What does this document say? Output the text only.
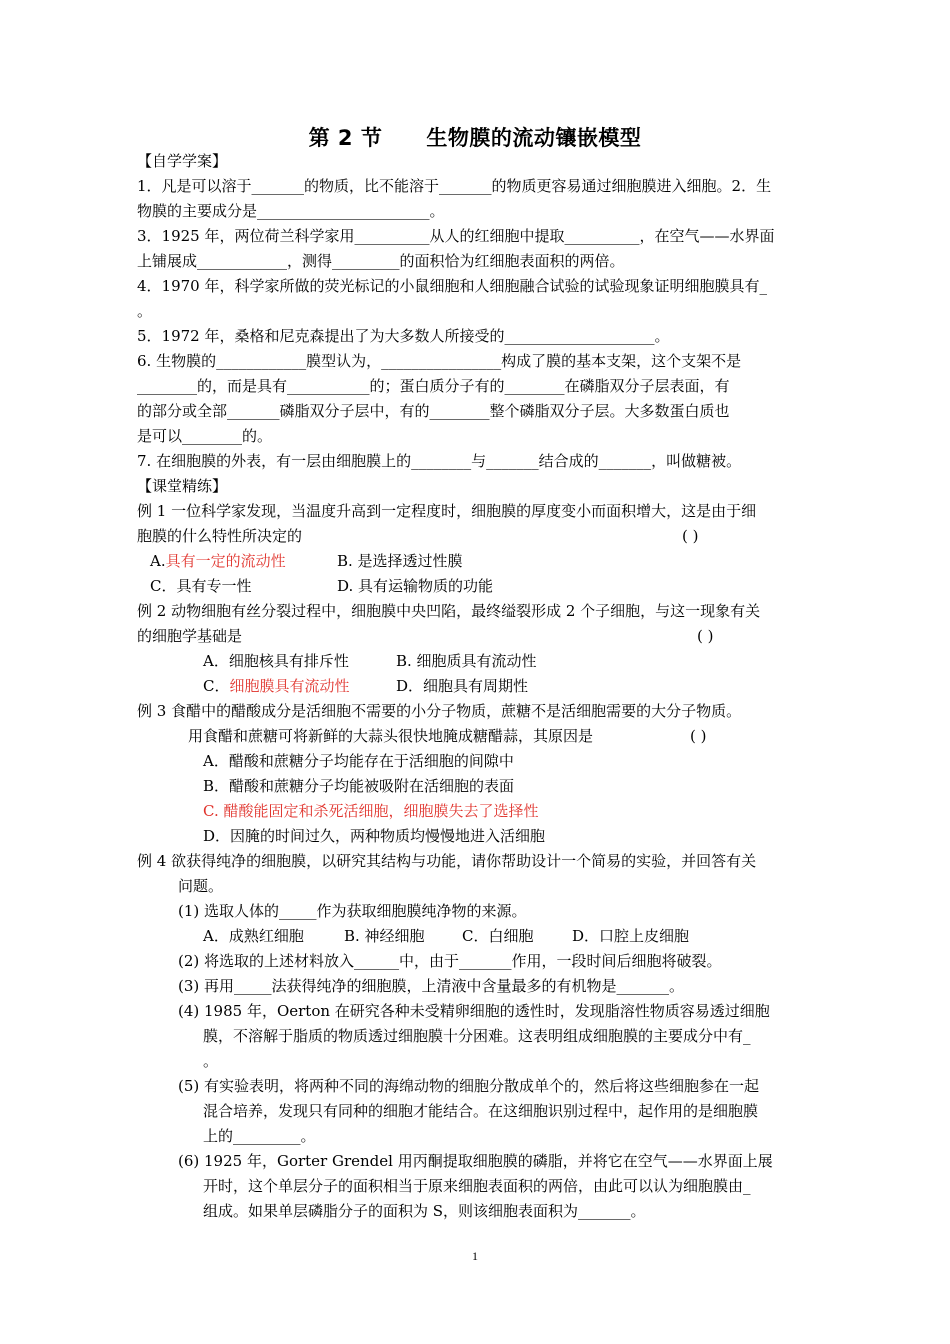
第 2 节 生物膜的流动镶嵌模型
【自学学案】
1．凡是可以溶于_______的物质，比不能溶于_______的物质更容易通过细胞膜进入细胞。2．生
物膜的主要成分是_______________________。
3．1925 年，两位荷兰科学家用__________从人的红细胞中提取__________，在空气——水界面
上铺展成____________，测得_________的面积恰为红细胞表面积的两倍。
4．1970 年，科学家所做的荧光标记的小鼠细胞和人细胞融合试验的试验现象证明细胞膜具有_
。
5．1972 年，桑格和尼克森提出了为大多数人所接受的____________________。
6. 生物膜的____________膜型认为，________________构成了膜的基本支架，这个支架不是
________的，而是具有___________的；蛋白质分子有的________在磷脂双分子层表面，有
的部分或全部_______磷脂双分子层中，有的________整个磷脂双分子层。大多数蛋白质也
是可以________的。
7. 在细胞膜的外表，有一层由细胞膜上的________与_______结合成的_______，叫做糖被。
【课堂精练】
例 1 一位科学家发现，当温度升高到一定程度时，细胞膜的厚度变小而面积增大，这是由于细
胞膜的什么特性所决定的	( )
A.具有一定的流动性	B. 是选择透过性膜
C．具有专一性	D. 具有运输物质的功能
例 2 动物细胞有丝分裂过程中，细胞膜中央凹陷，最终缢裂形成 2 个子细胞，与这一现象有关
的细胞学基础是	( )
A．细胞核具有排斥性	B. 细胞质具有流动性
C．细胞膜具有流动性	D．细胞具有周期性
例 3 食醋中的醋酸成分是活细胞不需要的小分子物质，蔗糖不是活细胞需要的大分子物质。
用食醋和蔗糖可将新鲜的大蒜头很快地腌成糖醋蒜，其原因是	( )
A．醋酸和蔗糖分子均能存在于活细胞的间隙中
B．醋酸和蔗糖分子均能被吸附在活细胞的表面
C. 醋酸能固定和杀死活细胞，细胞膜失去了选择性
D．因腌的时间过久，两种物质均慢慢地进入活细胞
例 4 欲获得纯净的细胞膜，以研究其结构与功能，请你帮助设计一个简易的实验，并回答有关
问题。
(1) 选取人体的_____作为获取细胞膜纯净物的来源。
A．成熟红细胞	B. 神经细胞 C．白细胞	D．口腔上皮细胞
(2) 将选取的上述材料放入______中，由于_______作用，一段时间后细胞将破裂。
(3) 再用_____法获得纯净的细胞膜，上清液中含量最多的有机物是_______。
(4) 1985 年，Oerton 在研究各种未受精卵细胞的透性时，发现脂溶性物质容易透过细胞
膜，不溶解于脂质的物质透过细胞膜十分困难。这表明组成细胞膜的主要成分中有_
。
(5) 有实验表明，将两种不同的海绵动物的细胞分散成单个的，然后将这些细胞参在一起
混合培养，发现只有同种的细胞才能结合。在这细胞识别过程中，起作用的是细胞膜
上的_________。
(6) 1925 年，Gorter Grendel 用丙酮提取细胞膜的磷脂，并将它在空气——水界面上展
开时，这个单层分子的面积相当于原来细胞表面积的两倍，由此可以认为细胞膜由_
组成。如果单层磷脂分子的面积为 S，则该细胞表面积为_______。
1
